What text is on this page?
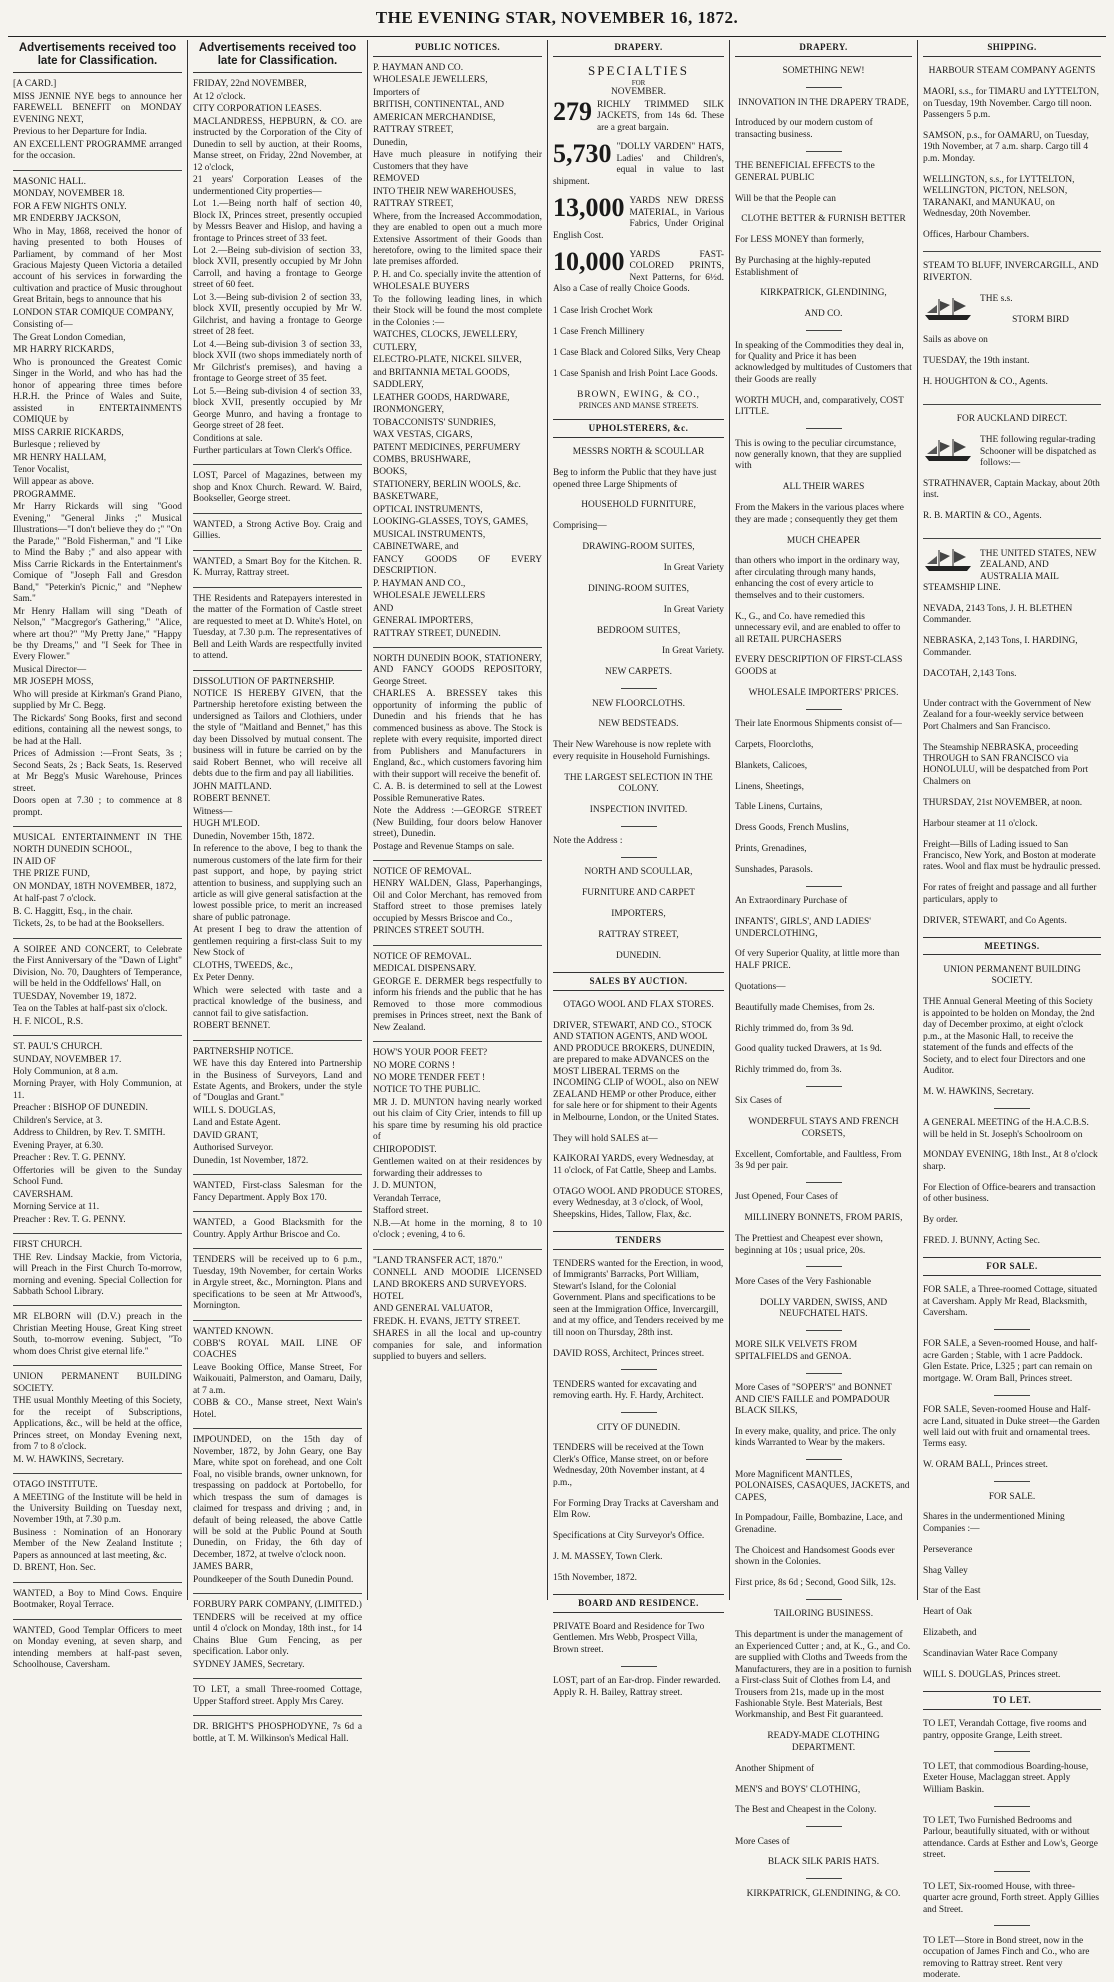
THE EVENING STAR, NOVEMBER 16, 1872.
Advertisements received too late for Classification.

[A CARD.]

MISS JENNIE NYE begs to announce her FAREWELL BENEFIT on MONDAY EVENING NEXT,

Previous to her Departure for India.

AN EXCELLENT PROGRAMME arranged for the occasion.

MASONIC HALL.

MONDAY, NOVEMBER 18.

FOR A FEW NIGHTS ONLY.

MR ENDERBY JACKSON,

Who in May, 1868, received the honor of having presented to both Houses of Parliament, by command of her Most Gracious Majesty Queen Victoria a detailed account of his services in forwarding the cultivation and practice of Music throughout Great Britain, begs to announce that his

LONDON STAR COMIQUE COMPANY,

Consisting of—

The Great London Comedian,

MR HARRY RICKARDS,

Who is pronounced the Greatest Comic Singer in the World, and who has had the honor of appearing three times before H.R.H. the Prince of Wales and Suite, assisted in ENTERTAINMENTS COMIQUE by

MISS CARRIE RICKARDS,

Burlesque ; relieved by

MR HENRY HALLAM,

Tenor Vocalist,

Will appear as above.

PROGRAMME.

Mr Harry Rickards will sing "Good Evening," "General Jinks ;" Musical Illustrations—"I don't believe they do ;" "On the Parade," "Bold Fisherman," and "I Like to Mind the Baby ;" and also appear with Miss Carrie Rickards in the Entertainment's Comique of "Joseph Fall and Gresdon Band," "Peterkin's Picnic," and "Nephew Sam."

Mr Henry Hallam will sing "Death of Nelson," "Macgregor's Gathering," "Alice, where art thou?" "My Pretty Jane," "Happy be thy Dreams," and "I Seek for Thee in Every Flower."

Musical Director—

MR JOSEPH MOSS,

Who will preside at Kirkman's Grand Piano, supplied by Mr C. Begg.

The Rickards' Song Books, first and second editions, containing all the newest songs, to be had at the Hall.

Prices of Admission :—Front Seats, 3s ; Second Seats, 2s ; Back Seats, 1s. Reserved at Mr Begg's Music Warehouse, Princes street.

Doors open at 7.30 ; to commence at 8 prompt.

MUSICAL ENTERTAINMENT IN THE NORTH DUNEDIN SCHOOL,

IN AID OF

THE PRIZE FUND,

ON MONDAY, 18TH NOVEMBER, 1872,

At half-past 7 o'clock.

B. C. Haggitt, Esq., in the chair.

Tickets, 2s, to be had at the Booksellers.

A SOIREE AND CONCERT, to Celebrate the First Anniversary of the "Dawn of Light" Division, No. 70, Daughters of Temperance, will be held in the Oddfellows' Hall, on

TUESDAY, November 19, 1872.

Tea on the Tables at half-past six o'clock.

H. F. NICOL, R.S.

ST. PAUL'S CHURCH.

SUNDAY, NOVEMBER 17.

Holy Communion, at 8 a.m.

Morning Prayer, with Holy Communion, at 11.

Preacher : BISHOP OF DUNEDIN.

Children's Service, at 3.

Address to Children, by Rev. T. SMITH.

Evening Prayer, at 6.30.

Preacher : Rev. T. G. PENNY.

Offertories will be given to the Sunday School Fund.

CAVERSHAM.

Morning Service at 11.

Preacher : Rev. T. G. PENNY.

FIRST CHURCH.

THE Rev. Lindsay Mackie, from Victoria, will Preach in the First Church To-morrow, morning and evening. Special Collection for Sabbath School Library.

MR ELBORN will (D.V.) preach in the Christian Meeting House, Great King street South, to-morrow evening. Subject, "To whom does Christ give eternal life."

UNION PERMANENT BUILDING SOCIETY.

THE usual Monthly Meeting of this Society, for the receipt of Subscriptions, Applications, &c., will be held at the office, Princes street, on Monday Evening next, from 7 to 8 o'clock.

M. W. HAWKINS, Secretary.

OTAGO INSTITUTE.

A MEETING of the Institute will be held in the University Building on Tuesday next, November 19th, at 7.30 p.m.

Business : Nomination of an Honorary Member of the New Zealand Institute ; Papers as announced at last meeting, &c.

D. BRENT, Hon. Sec.

WANTED, a Boy to Mind Cows. Enquire Bootmaker, Royal Terrace.

WANTED, Good Templar Officers to meet on Monday evening, at seven sharp, and intending members at half-past seven, Schoolhouse, Caversham.

Advertisements received too late for Classification.

FRIDAY, 22nd NOVEMBER,

At 12 o'clock.

CITY CORPORATION LEASES.

MACLANDRESS, HEPBURN, & CO. are instructed by the Corporation of the City of Dunedin to sell by auction, at their Rooms, Manse street, on Friday, 22nd November, at 12 o'clock,

21 years' Corporation Leases of the undermentioned City properties—

Lot 1.—Being north half of section 40, Block IX, Princes street, presently occupied by Messrs Beaver and Hislop, and having a frontage to Princes street of 33 feet.

Lot 2.—Being sub-division of section 33, block XVII, presently occupied by Mr John Carroll, and having a frontage to George street of 60 feet.

Lot 3.—Being sub-division 2 of section 33, block XVII, presently occupied by Mr W. Gilchrist, and having a frontage to George street of 28 feet.

Lot 4.—Being sub-division 3 of section 33, block XVII (two shops immediately north of Mr Gilchrist's premises), and having a frontage to George street of 35 feet.

Lot 5.—Being sub-division 4 of section 33, block XVII, presently occupied by Mr George Munro, and having a frontage to George street of 28 feet.

Conditions at sale.

Further particulars at Town Clerk's Office.

LOST, Parcel of Magazines, between my shop and Knox Church. Reward. W. Baird, Bookseller, George street.

WANTED, a Strong Active Boy. Craig and Gillies.

WANTED, a Smart Boy for the Kitchen. R. K. Murray, Rattray street.

THE Residents and Ratepayers interested in the matter of the Formation of Castle street are requested to meet at D. White's Hotel, on Tuesday, at 7.30 p.m. The representatives of Bell and Leith Wards are respectfully invited to attend.

DISSOLUTION OF PARTNERSHIP.

NOTICE IS HEREBY GIVEN, that the Partnership heretofore existing between the undersigned as Tailors and Clothiers, under the style of "Maitland and Bennet," has this day been Dissolved by mutual consent. The business will in future be carried on by the said Robert Bennet, who will receive all debts due to the firm and pay all liabilities.

JOHN MAITLAND.

ROBERT BENNET.

Witness—

HUGH M'LEOD.

Dunedin, November 15th, 1872.

In reference to the above, I beg to thank the numerous customers of the late firm for their past support, and hope, by paying strict attention to business, and supplying such an article as will give general satisfaction at the lowest possible price, to merit an increased share of public patronage.

At present I beg to draw the attention of gentlemen requiring a first-class Suit to my New Stock of

CLOTHS, TWEEDS, &c.,

Ex Peter Denny.

Which were selected with taste and a practical knowledge of the business, and cannot fail to give satisfaction.

ROBERT BENNET.

PARTNERSHIP NOTICE.

WE have this day Entered into Partnership in the Business of Surveyors, Land and Estate Agents, and Brokers, under the style of "Douglas and Grant."

WILL S. DOUGLAS,

Land and Estate Agent.

DAVID GRANT,

Authorised Surveyor.

Dunedin, 1st November, 1872.

WANTED, First-class Salesman for the Fancy Department. Apply Box 170.

WANTED, a Good Blacksmith for the Country. Apply Arthur Briscoe and Co.

TENDERS will be received up to 6 p.m., Tuesday, 19th November, for certain Works in Argyle street, &c., Mornington. Plans and specifications to be seen at Mr Attwood's, Mornington.

WANTED KNOWN.

COBB'S ROYAL MAIL LINE OF COACHES

Leave Booking Office, Manse Street, For Waikouaiti, Palmerston, and Oamaru, Daily, at 7 a.m.

COBB & CO., Manse street, Next Wain's Hotel.

IMPOUNDED, on the 15th day of November, 1872, by John Geary, one Bay Mare, white spot on forehead, and one Colt Foal, no visible brands, owner unknown, for trespassing on paddock at Portobello, for which trespass the sum of damages is claimed for trespass and driving ; and, in default of being released, the above Cattle will be sold at the Public Pound at South Dunedin, on Friday, the 6th day of December, 1872, at twelve o'clock noon.

JAMES BARR,

Poundkeeper of the South Dunedin Pound.

FORBURY PARK COMPANY, (LIMITED.)

TENDERS will be received at my office until 4 o'clock on Monday, 18th inst., for 14 Chains Blue Gum Fencing, as per specification. Labor only.

SYDNEY JAMES, Secretary.

TO LET, a small Three-roomed Cottage, Upper Stafford street. Apply Mrs Carey.

DR. BRIGHT'S PHOSPHODYNE, 7s 6d a bottle, at T. M. Wilkinson's Medical Hall.

PUBLIC NOTICES.

P. HAYMAN AND CO.

WHOLESALE JEWELLERS,

Importers of

BRITISH, CONTINENTAL, AND

AMERICAN MERCHANDISE,

RATTRAY STREET,

Dunedin,

Have much pleasure in notifying their Customers that they have

REMOVED

INTO THEIR NEW WAREHOUSES,

RATTRAY STREET,

Where, from the Increased Accommodation, they are enabled to open out a much more Extensive Assortment of their Goods than heretofore, owing to the limited space their late premises afforded.

P. H. and Co. specially invite the attention of

WHOLESALE BUYERS

To the following leading lines, in which their Stock will be found the most complete in the Colonies :—

WATCHES, CLOCKS, JEWELLERY,

CUTLERY,

ELECTRO-PLATE, NICKEL SILVER,

and BRITANNIA METAL GOODS,

SADDLERY,

LEATHER GOODS, HARDWARE,

IRONMONGERY,

TOBACCONISTS' SUNDRIES,

WAX VESTAS, CIGARS,

PATENT MEDICINES, PERFUMERY

COMBS, BRUSHWARE,

BOOKS,

STATIONERY, BERLIN WOOLS, &c.

BASKETWARE,

OPTICAL INSTRUMENTS,

LOOKING-GLASSES, TOYS, GAMES,

MUSICAL INSTRUMENTS,

CABINETWARE, and

FANCY GOODS OF EVERY DESCRIPTION.

P. HAYMAN AND CO.,

WHOLESALE JEWELLERS

AND

GENERAL IMPORTERS,

RATTRAY STREET, DUNEDIN.

NORTH DUNEDIN BOOK, STATIONERY, AND FANCY GOODS REPOSITORY, George Street.

CHARLES A. BRESSEY takes this opportunity of informing the public of Dunedin and his friends that he has commenced business as above. The Stock is replete with every requisite, imported direct from Publishers and Manufacturers in England, &c., which customers favoring him with their support will receive the benefit of.

C. A. B. is determined to sell at the Lowest Possible Remunerative Rates.

Note the Address :—GEORGE STREET (New Building, four doors below Hanover street), Dunedin.

Postage and Revenue Stamps on sale.

NOTICE OF REMOVAL.

HENRY WALDEN, Glass, Paperhangings, Oil and Color Merchant, has removed from Stafford street to those premises lately occupied by Messrs Briscoe and Co.,

PRINCES STREET SOUTH.

NOTICE OF REMOVAL.

MEDICAL DISPENSARY.

GEORGE E. DERMER begs respectfully to inform his friends and the public that he has Removed to those more commodious premises in Princes street, next the Bank of New Zealand.

HOW'S YOUR POOR FEET?

NO MORE CORNS !

NO MORE TENDER FEET !

NOTICE TO THE PUBLIC.

MR J. D. MUNTON having nearly worked out his claim of City Crier, intends to fill up his spare time by resuming his old practice of

CHIROPODIST.

Gentlemen waited on at their residences by forwarding their addresses to

J. D. MUNTON,

Verandah Terrace,

Stafford street.

N.B.—At home in the morning, 8 to 10 o'clock ; evening, 4 to 6.

"LAND TRANSFER ACT, 1870."

CONNELL AND MOODIE LICENSED LAND BROKERS AND SURVEYORS.

HOTEL

AND GENERAL VALUATOR,

FREDK. H. EVANS, JETTY STREET.

SHARES in all the local and up-country companies for sale, and information supplied to buyers and sellers.

DRAPERY.
SPECIALTIES
FOR
NOVEMBER.
279 RICHLY TRIMMED SILK JACKETS, from 14s 6d. These are a great bargain.

5,730 "DOLLY VARDEN" HATS, Ladies' and Children's, equal in value to last shipment.

13,000 YARDS NEW DRESS MATERIAL, in Various Fabrics, Under Original English Cost.

10,000 YARDS FAST-COLORED PRINTS, Next Patterns, for 6½d. Also a Case of really Choice Goods.

1 Case Irish Crochet Work

1 Case French Millinery

1 Case Black and Colored Silks, Very Cheap

1 Case Spanish and Irish Point Lace Goods.

BROWN, EWING, & CO.,
PRINCES AND MANSE STREETS.
UPHOLSTERERS, &c.

MESSRS NORTH & SCOULLAR

Beg to inform the Public that they have just opened three Large Shipments of

HOUSEHOLD FURNITURE,

Comprising—

DRAWING-ROOM SUITES,

In Great Variety

DINING-ROOM SUITES,

In Great Variety

BEDROOM SUITES,

In Great Variety.

NEW CARPETS.

NEW FLOORCLOTHS.

NEW BEDSTEADS.

Their New Warehouse is now replete with every requisite in Household Furnishings.

THE LARGEST SELECTION IN THE COLONY.

INSPECTION INVITED.

Note the Address :

NORTH AND SCOULLAR,

FURNITURE AND CARPET

IMPORTERS,

RATTRAY STREET,

DUNEDIN.

SALES BY AUCTION.

OTAGO WOOL AND FLAX STORES.

DRIVER, STEWART, AND CO., STOCK AND STATION AGENTS, AND WOOL AND PRODUCE BROKERS, DUNEDIN, are prepared to make ADVANCES on the MOST LIBERAL TERMS on the INCOMING CLIP of WOOL, also on NEW ZEALAND HEMP or other Produce, either for sale here or for shipment to their Agents in Melbourne, London, or the United States.

They will hold SALES at—

KAIKORAI YARDS, every Wednesday, at 11 o'clock, of Fat Cattle, Sheep and Lambs.

OTAGO WOOL AND PRODUCE STORES, every Wednesday, at 3 o'clock, of Wool, Sheepskins, Hides, Tallow, Flax, &c.

TENDERS

TENDERS wanted for the Erection, in wood, of Immigrants' Barracks, Port William, Stewart's Island, for the Colonial Government. Plans and specifications to be seen at the Immigration Office, Invercargill, and at my office, and Tenders received by me till noon on Thursday, 28th inst.

DAVID ROSS, Architect, Princes street.

TENDERS wanted for excavating and removing earth. Hy. F. Hardy, Architect.

CITY OF DUNEDIN.

TENDERS will be received at the Town Clerk's Office, Manse street, on or before Wednesday, 20th November instant, at 4 p.m.,

For Forming Dray Tracks at Caversham and Elm Row.

Specifications at City Surveyor's Office.

J. M. MASSEY, Town Clerk.

15th November, 1872.

BOARD AND RESIDENCE.

PRIVATE Board and Residence for Two Gentlemen. Mrs Webb, Prospect Villa, Brown street.

LOST, part of an Ear-drop. Finder rewarded. Apply R. H. Bailey, Rattray street.

DRAPERY.

SOMETHING NEW!

INNOVATION IN THE DRAPERY TRADE,

Introduced by our modern custom of transacting business.

THE BENEFICIAL EFFECTS to the GENERAL PUBLIC

Will be that the People can

CLOTHE BETTER & FURNISH BETTER

For LESS MONEY than formerly,

By Purchasing at the highly-reputed Establishment of

KIRKPATRICK, GLENDINING,

AND CO.

In speaking of the Commodities they deal in, for Quality and Price it has been acknowledged by multitudes of Customers that their Goods are really

WORTH MUCH, and, comparatively, COST LITTLE.

This is owing to the peculiar circumstance, now generally known, that they are supplied with

ALL THEIR WARES

From the Makers in the various places where they are made ; consequently they get them

MUCH CHEAPER

than others who import in the ordinary way, after circulating through many hands, enhancing the cost of every article to themselves and to their customers.

K., G., and Co. have remedied this unnecessary evil, and are enabled to offer to all RETAIL PURCHASERS

EVERY DESCRIPTION OF FIRST-CLASS GOODS at

WHOLESALE IMPORTERS' PRICES.

Their late Enormous Shipments consist of—

Carpets, Floorcloths,

Blankets, Calicoes,

Linens, Sheetings,

Table Linens, Curtains,

Dress Goods, French Muslins,

Prints, Grenadines,

Sunshades, Parasols.

An Extraordinary Purchase of

INFANTS', GIRLS', AND LADIES' UNDERCLOTHING,

Of very Superior Quality, at little more than HALF PRICE.

Quotations—

Beautifully made Chemises, from 2s.

Richly trimmed do, from 3s 9d.

Good quality tucked Drawers, at 1s 9d.

Richly trimmed do, from 3s.

Six Cases of

WONDERFUL STAYS AND FRENCH CORSETS,

Excellent, Comfortable, and Faultless, From 3s 9d per pair.

Just Opened, Four Cases of

MILLINERY BONNETS, FROM PARIS,

The Prettiest and Cheapest ever shown, beginning at 10s ; usual price, 20s.

More Cases of the Very Fashionable

DOLLY VARDEN, SWISS, AND NEUFCHATEL HATS.

MORE SILK VELVETS FROM SPITALFIELDS and GENOA.

More Cases of "SOPER'S" and BONNET AND CIE'S FAILLE and POMPADOUR BLACK SILKS,

In every make, quality, and price. The only kinds Warranted to Wear by the makers.

More Magnificent MANTLES, POLONAISES, CASAQUES, JACKETS, and CAPES,

In Pompadour, Faille, Bombazine, Lace, and Grenadine.

The Choicest and Handsomest Goods ever shown in the Colonies.

First price, 8s 6d ; Second, Good Silk, 12s.

TAILORING BUSINESS.

This department is under the management of an Experienced Cutter ; and, at K., G., and Co. are supplied with Cloths and Tweeds from the Manufacturers, they are in a position to furnish a First-class Suit of Clothes from L4, and Trousers from 21s, made up in the most Fashionable Style. Best Materials, Best Workmanship, and Best Fit guaranteed.

READY-MADE CLOTHING DEPARTMENT.

Another Shipment of

MEN'S and BOYS' CLOTHING,

The Best and Cheapest in the Colony.

More Cases of

BLACK SILK PARIS HATS.

KIRKPATRICK, GLENDINING, & CO.

SHIPPING.

HARBOUR STEAM COMPANY AGENTS

MAORI, s.s., for TIMARU and LYTTELTON, on Tuesday, 19th November. Cargo till noon. Passengers 5 p.m.

SAMSON, p.s., for OAMARU, on Tuesday, 19th November, at 7 a.m. sharp. Cargo till 4 p.m. Monday.

WELLINGTON, s.s., for LYTTELTON, WELLINGTON, PICTON, NELSON, TARANAKI, and MANUKAU, on Wednesday, 20th November.

Offices, Harbour Chambers.

STEAM TO BLUFF, INVERCARGILL, AND RIVERTON.

THE s.s.

STORM BIRD

Sails as above on

TUESDAY, the 19th instant.

H. HOUGHTON & CO., Agents.

FOR AUCKLAND DIRECT.

THE following regular-trading Schooner will be dispatched as follows:—

STRATHNAVER, Captain Mackay, about 20th inst.

R. B. MARTIN & CO., Agents.

THE UNITED STATES, NEW ZEALAND, AND AUSTRALIA MAIL STEAMSHIP LINE.

NEVADA, 2143 Tons, J. H. BLETHEN Commander.

NEBRASKA, 2,143 Tons, I. HARDING, Commander.

DACOTAH, 2,143 Tons.

Under contract with the Government of New Zealand for a four-weekly service between Port Chalmers and San Francisco.

The Steamship NEBRASKA, proceeding THROUGH to SAN FRANCISCO via HONOLULU, will be despatched from Port Chalmers on

THURSDAY, 21st NOVEMBER, at noon.

Harbour steamer at 11 o'clock.

Freight—Bills of Lading issued to San Francisco, New York, and Boston at moderate rates. Wool and flax must be hydraulic pressed.

For rates of freight and passage and all further particulars, apply to

DRIVER, STEWART, and Co Agents.

MEETINGS.

UNION PERMANENT BUILDING SOCIETY.

THE Annual General Meeting of this Society is appointed to be holden on Monday, the 2nd day of December proximo, at eight o'clock p.m., at the Masonic Hall, to receive the statement of the funds and effects of the Society, and to elect four Directors and one Auditor.

M. W. HAWKINS, Secretary.

A GENERAL MEETING of the H.A.C.B.S. will be held in St. Joseph's Schoolroom on

MONDAY EVENING, 18th Inst., At 8 o'clock sharp.

For Election of Office-bearers and transaction of other business.

By order.

FRED. J. BUNNY, Acting Sec.

FOR SALE.

FOR SALE, a Three-roomed Cottage, situated at Caversham. Apply Mr Read, Blacksmith, Caversham.

FOR SALE, a Seven-roomed House, and half-acre Garden ; Stable, with 1 acre Paddock. Glen Estate. Price, L325 ; part can remain on mortgage. W. Oram Ball, Princes street.

FOR SALE, Seven-roomed House and Half-acre Land, situated in Duke street—the Garden well laid out with fruit and ornamental trees. Terms easy.

W. ORAM BALL, Princes street.

FOR SALE.

Shares in the undermentioned Mining Companies :—

Perseverance

Shag Valley

Star of the East

Heart of Oak

Elizabeth, and

Scandinavian Water Race Company

WILL S. DOUGLAS, Princes street.

TO LET.

TO LET, Verandah Cottage, five rooms and pantry, opposite Grange, Leith street.

TO LET, that commodious Boarding-house, Exeter House, Maclaggan street. Apply William Baskin.

TO LET, Two Furnished Bedrooms and Parlour, beautifully situated, with or without attendance. Cards at Esther and Low's, George street.

TO LET, Six-roomed House, with three-quarter acre ground, Forth street. Apply Gillies and Street.

TO LET—Store in Bond street, now in the occupation of James Finch and Co., who are removing to Rattray street. Rent very moderate.
